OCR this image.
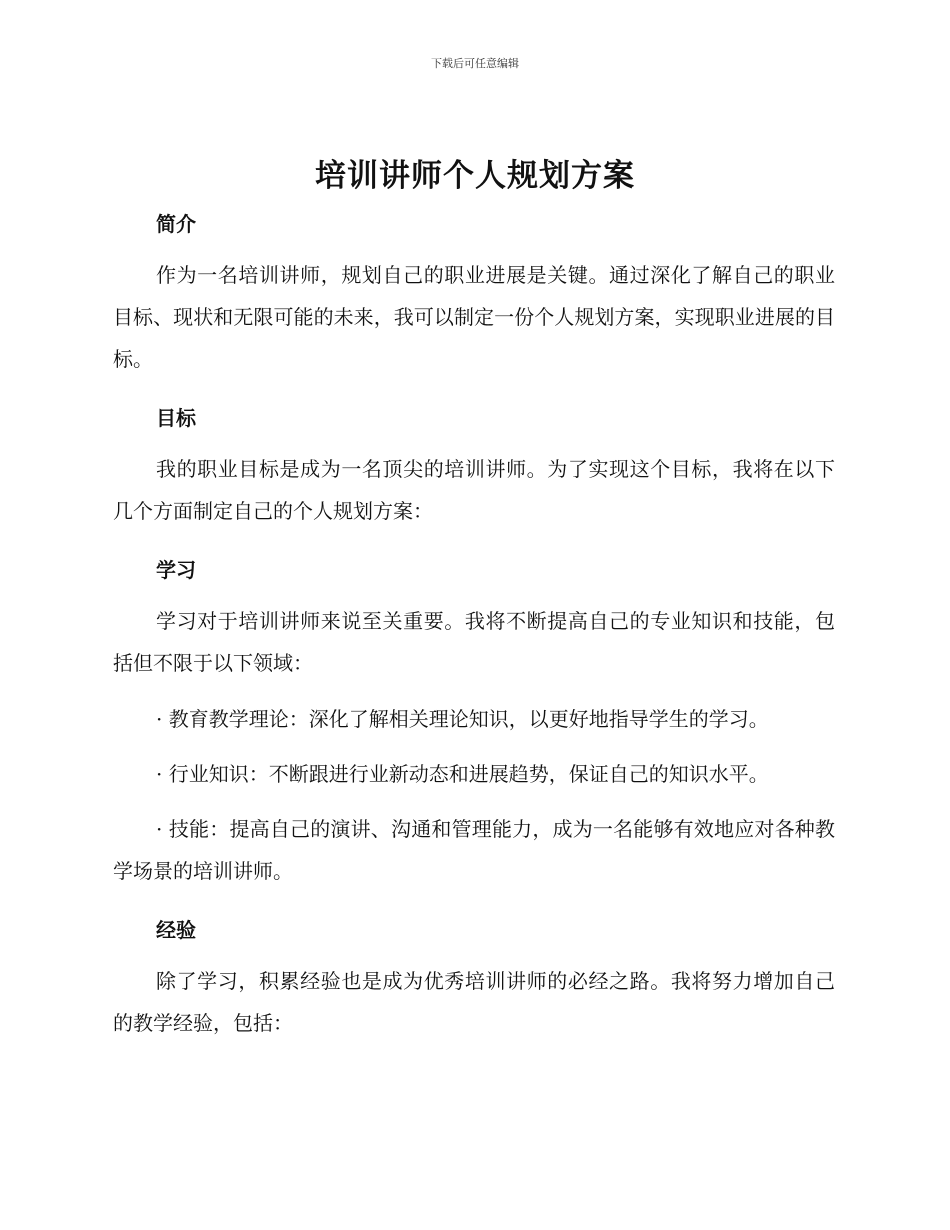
下载后可任意编辑
培训讲师个人规划方案
简介

作为一名培训讲师，规划自己的职业进展是关键。通过深化了解自己的职业目标、现状和无限可能的未来，我可以制定一份个人规划方案，实现职业进展的目标。

目标

我的职业目标是成为一名顶尖的培训讲师。为了实现这个目标，我将在以下几个方面制定自己的个人规划方案：

学习

学习对于培训讲师来说至关重要。我将不断提高自己的专业知识和技能，包括但不限于以下领域：

· 教育教学理论：深化了解相关理论知识，以更好地指导学生的学习。

· 行业知识：不断跟进行业新动态和进展趋势，保证自己的知识水平。

· 技能：提高自己的演讲、沟通和管理能力，成为一名能够有效地应对各种教学场景的培训讲师。

经验

除了学习，积累经验也是成为优秀培训讲师的必经之路。我将努力增加自己的教学经验，包括：
